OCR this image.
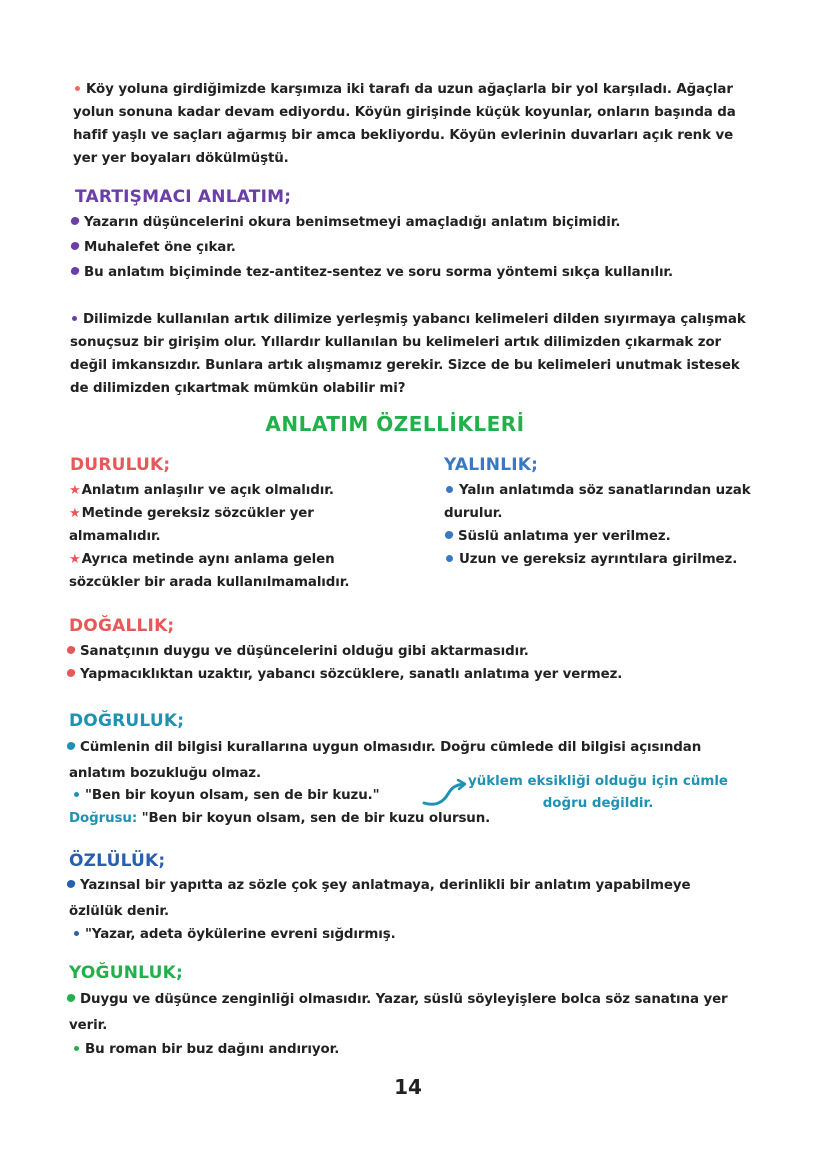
Köy yoluna girdiğimizde karşımıza iki tarafı da uzun ağaçlarla bir yol karşıladı. Ağaçlar
yolun sonuna kadar devam ediyordu. Köyün girişinde küçük koyunlar, onların başında da
hafif yaşlı ve saçları ağarmış bir amca bekliyordu. Köyün evlerinin duvarları açık renk ve
yer yer boyaları dökülmüştü.
TARTIŞMACI ANLATIM;
Yazarın düşüncelerini okura benimsetmeyi amaçladığı anlatım biçimidir.
Muhalefet öne çıkar.
Bu anlatım biçiminde tez-antitez-sentez ve soru sorma yöntemi sıkça kullanılır.
Dilimizde kullanılan artık dilimize yerleşmiş yabancı kelimeleri dilden sıyırmaya çalışmak
sonuçsuz bir girişim olur. Yıllardır kullanılan bu kelimeleri artık dilimizden çıkarmak zor
değil imkansızdır. Bunlara artık alışmamız gerekir. Sizce de bu kelimeleri unutmak istesek
de dilimizden çıkartmak mümkün olabilir mi?
ANLATIM ÖZELLİKLERİ
DURULUK;
★Anlatım anlaşılır ve açık olmalıdır.
★Metinde gereksiz sözcükler yer
almamalıdır.
★Ayrıca metinde aynı anlama gelen
sözcükler bir arada kullanılmamalıdır.
YALINLIK;
Yalın anlatımda söz sanatlarından uzak
durulur.
Süslü anlatıma yer verilmez.
Uzun ve gereksiz ayrıntılara girilmez.
DOĞALLIK;
Sanatçının duygu ve düşüncelerini olduğu gibi aktarmasıdır.
Yapmacıklıktan uzaktır, yabancı sözcüklere, sanatlı anlatıma yer vermez.
DOĞRULUK;
Cümlenin dil bilgisi kurallarına uygun olmasıdır. Doğru cümlede dil bilgisi açısından
anlatım bozukluğu olmaz.
"Ben bir koyun olsam, sen de bir kuzu."
Doğrusu: "Ben bir koyun olsam, sen de bir kuzu olursun.
yüklem eksikliği olduğu için cümle
doğru değildir.
ÖZLÜLÜK;
Yazınsal bir yapıtta az sözle çok şey anlatmaya, derinlikli bir anlatım yapabilmeye
özlülük denir.
"Yazar, adeta öykülerine evreni sığdırmış.
YOĞUNLUK;
Duygu ve düşünce zenginliği olmasıdır. Yazar, süslü söyleyişlere bolca söz sanatına yer
verir.
Bu roman bir buz dağını andırıyor.
14
